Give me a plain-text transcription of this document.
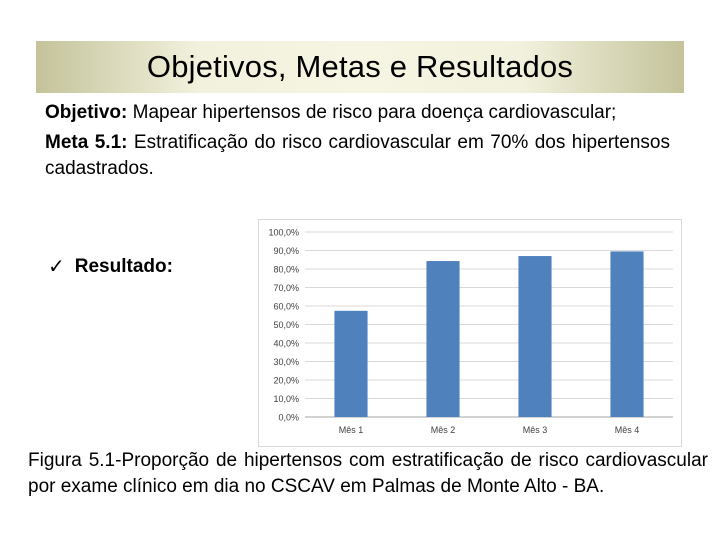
Objetivos, Metas e Resultados

Objetivo: Mapear hipertensos de risco para doença cardiovascular;

Meta 5.1: Estratificação do risco cardiovascular em 70% dos hipertensos cadastrados.

✓ Resultado:
0,0%
10,0%
20,0%
30,0%
40,0%
50,0%
60,0%
70,0%
80,0%
90,0%
100,0%
Mês 1	Mês 2	Mês 3	Mês 4
Figura 5.1-Proporção de hipertensos com estratificação de risco cardiovascular por exame clínico em dia no CSCAV em Palmas de Monte Alto - BA.
